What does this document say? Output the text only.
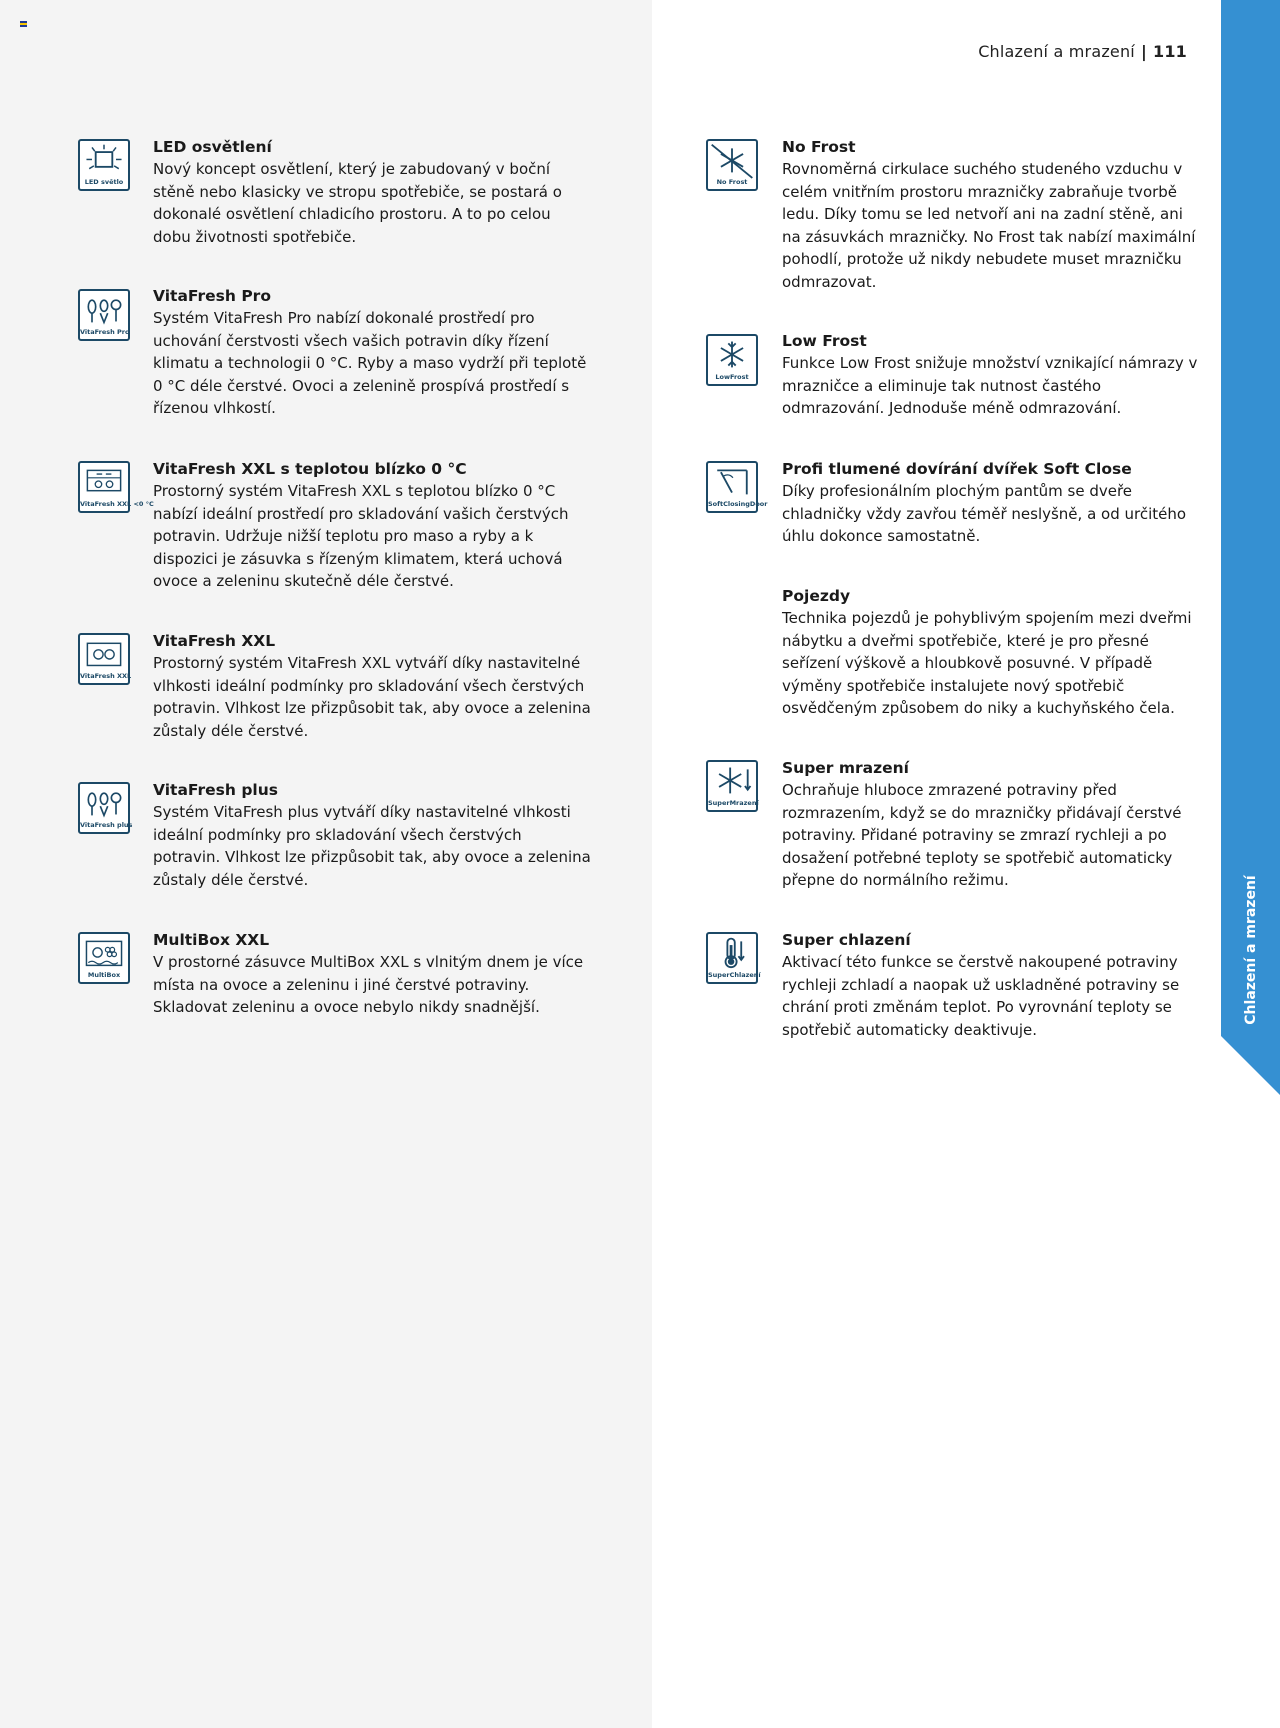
Chlazení a mrazení | 111
Chlazení a mrazení
LED světlo

LED osvětlení

Nový koncept osvětlení, který je zabudovaný v boční stěně nebo klasicky ve stropu spotřebiče, se postará o dokonalé osvětlení chladicího prostoru. A to po celou dobu životnosti spotřebiče.

VitaFresh Pro

VitaFresh Pro

Systém VitaFresh Pro nabízí dokonalé prostředí pro uchování čerstvosti všech vašich potravin díky řízení klimatu a technologii 0 °C. Ryby a maso vydrží při teplotě 0 °C déle čerstvé. Ovoci a zelenině prospívá prostředí s řízenou vlhkostí.

VitaFresh XXL <0 °C

VitaFresh XXL s teplotou blízko 0 °C

Prostorný systém VitaFresh XXL s teplotou blízko 0 °C nabízí ideální prostředí pro skladování vašich čerstvých potravin. Udržuje nižší teplotu pro maso a ryby a k dispozici je zásuvka s řízeným klimatem, která uchová ovoce a zeleninu skutečně déle čerstvé.

VitaFresh XXL

VitaFresh XXL

Prostorný systém VitaFresh XXL vytváří díky nastavitelné vlhkosti ideální podmínky pro skladování všech čerstvých potravin. Vlhkost lze přizpůsobit tak, aby ovoce a zelenina zůstaly déle čerstvé.

VitaFresh plus

VitaFresh plus

Systém VitaFresh plus vytváří díky nastavitelné vlhkosti ideální podmínky pro skladování všech čerstvých potravin. Vlhkost lze přizpůsobit tak, aby ovoce a zelenina zůstaly déle čerstvé.

MultiBox

MultiBox XXL

V prostorné zásuvce MultiBox XXL s vlnitým dnem je více místa na ovoce a zeleninu i jiné čerstvé potraviny. Skladovat zeleninu a ovoce nebylo nikdy snadnější.

No Frost

No Frost

Rovnoměrná cirkulace suchého studeného vzduchu v celém vnitřním prostoru mrazničky zabraňuje tvorbě ledu. Díky tomu se led netvoří ani na zadní stěně, ani na zásuvkách mrazničky. No Frost tak nabízí maximální pohodlí, protože už nikdy nebudete muset mrazničku odmrazovat.

LowFrost

Low Frost

Funkce Low Frost snižuje množství vznikající námrazy v mrazničce a eliminuje tak nutnost častého odmrazování. Jednoduše méně odmrazování.

SoftClosingDoor

Profi tlumené dovírání dvířek Soft Close

Díky profesionálním plochým pantům se dveře chladničky vždy zavřou téměř neslyšně, a od určitého úhlu dokonce samostatně.

Pojezdy

Technika pojezdů je pohyblivým spojením mezi dveřmi nábytku a dveřmi spotřebiče, které je pro přesné seřízení výškově a hloubkově posuvné. V případě výměny spotřebiče instalujete nový spotřebič osvědčeným způsobem do niky a kuchyňského čela.

SuperMrazení

Super mrazení

Ochraňuje hluboce zmrazené potraviny před rozmrazením, když se do mrazničky přidávají čerstvé potraviny. Přidané potraviny se zmrazí rychleji a po dosažení potřebné teploty se spotřebič automaticky přepne do normálního režimu.

SuperChlazení

Super chlazení

Aktivací této funkce se čerstvě nakoupené potraviny rychleji zchladí a naopak už uskladněné potraviny se chrání proti změnám teplot. Po vyrovnání teploty se spotřebič automaticky deaktivuje.
